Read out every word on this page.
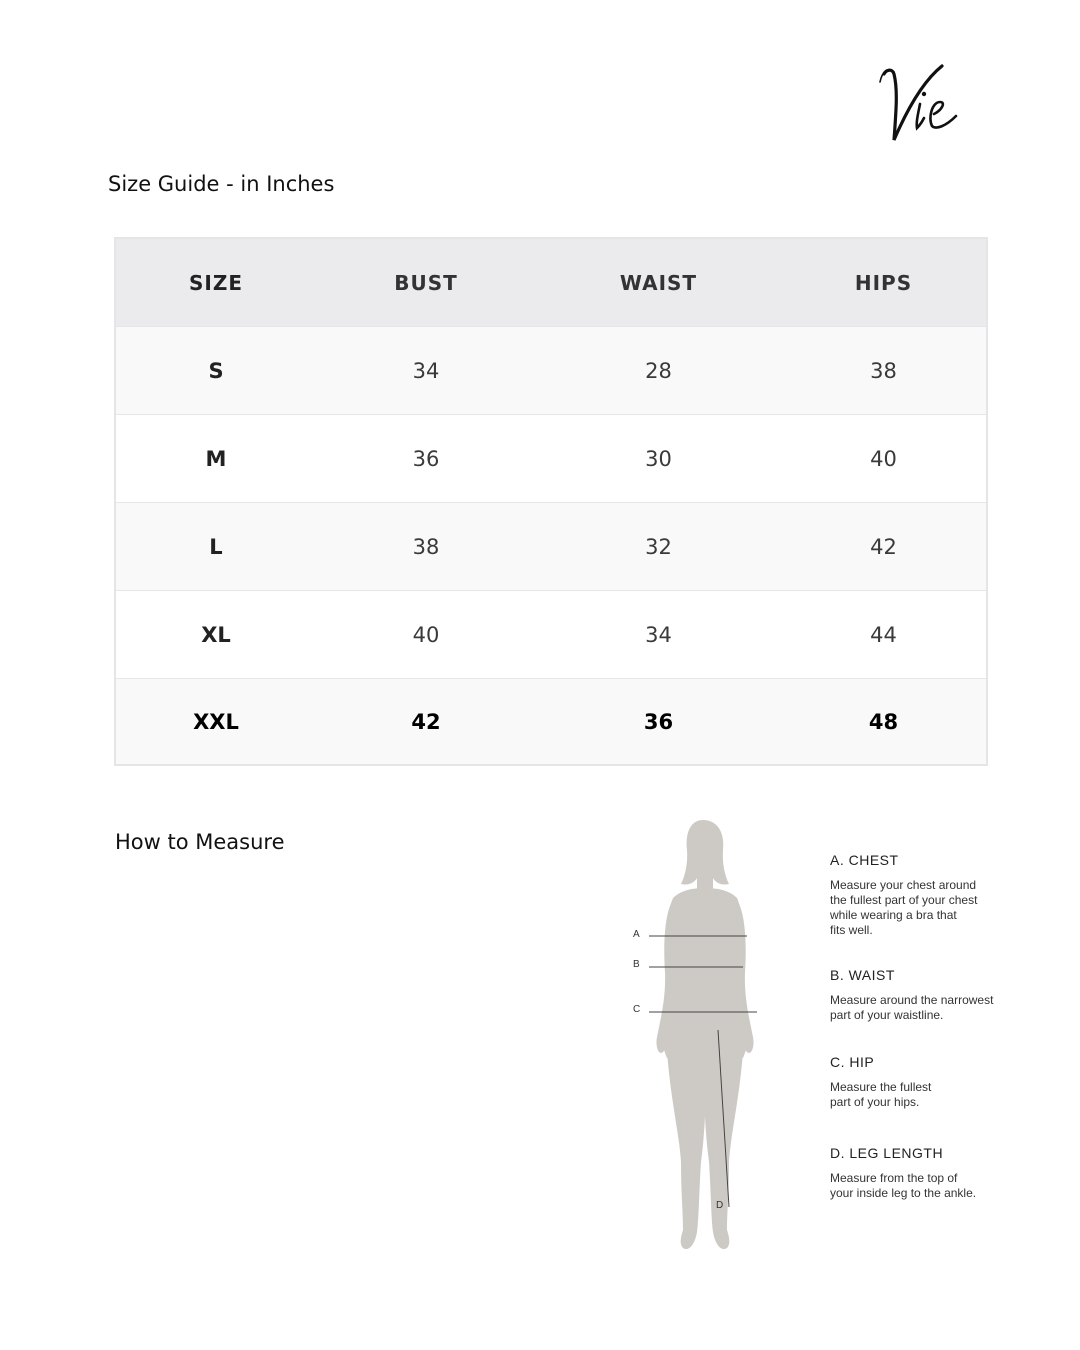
Size Guide - in Inches
SIZE	BUST	WAIST	HIPS
S	34	28	38
M	36	30	40
L	38	32	42
XL	40	34	44
XXL	42	36	48
How to Measure
A
B
C
D
A. CHEST
Measure your chest around
the fullest part of your chest
while wearing a bra that
fits well.
B. WAIST
Measure around the narrowest
part of your waistline.
C. HIP
Measure the fullest
part of your hips.
D. LEG LENGTH
Measure from the top of
your inside leg to the ankle.
